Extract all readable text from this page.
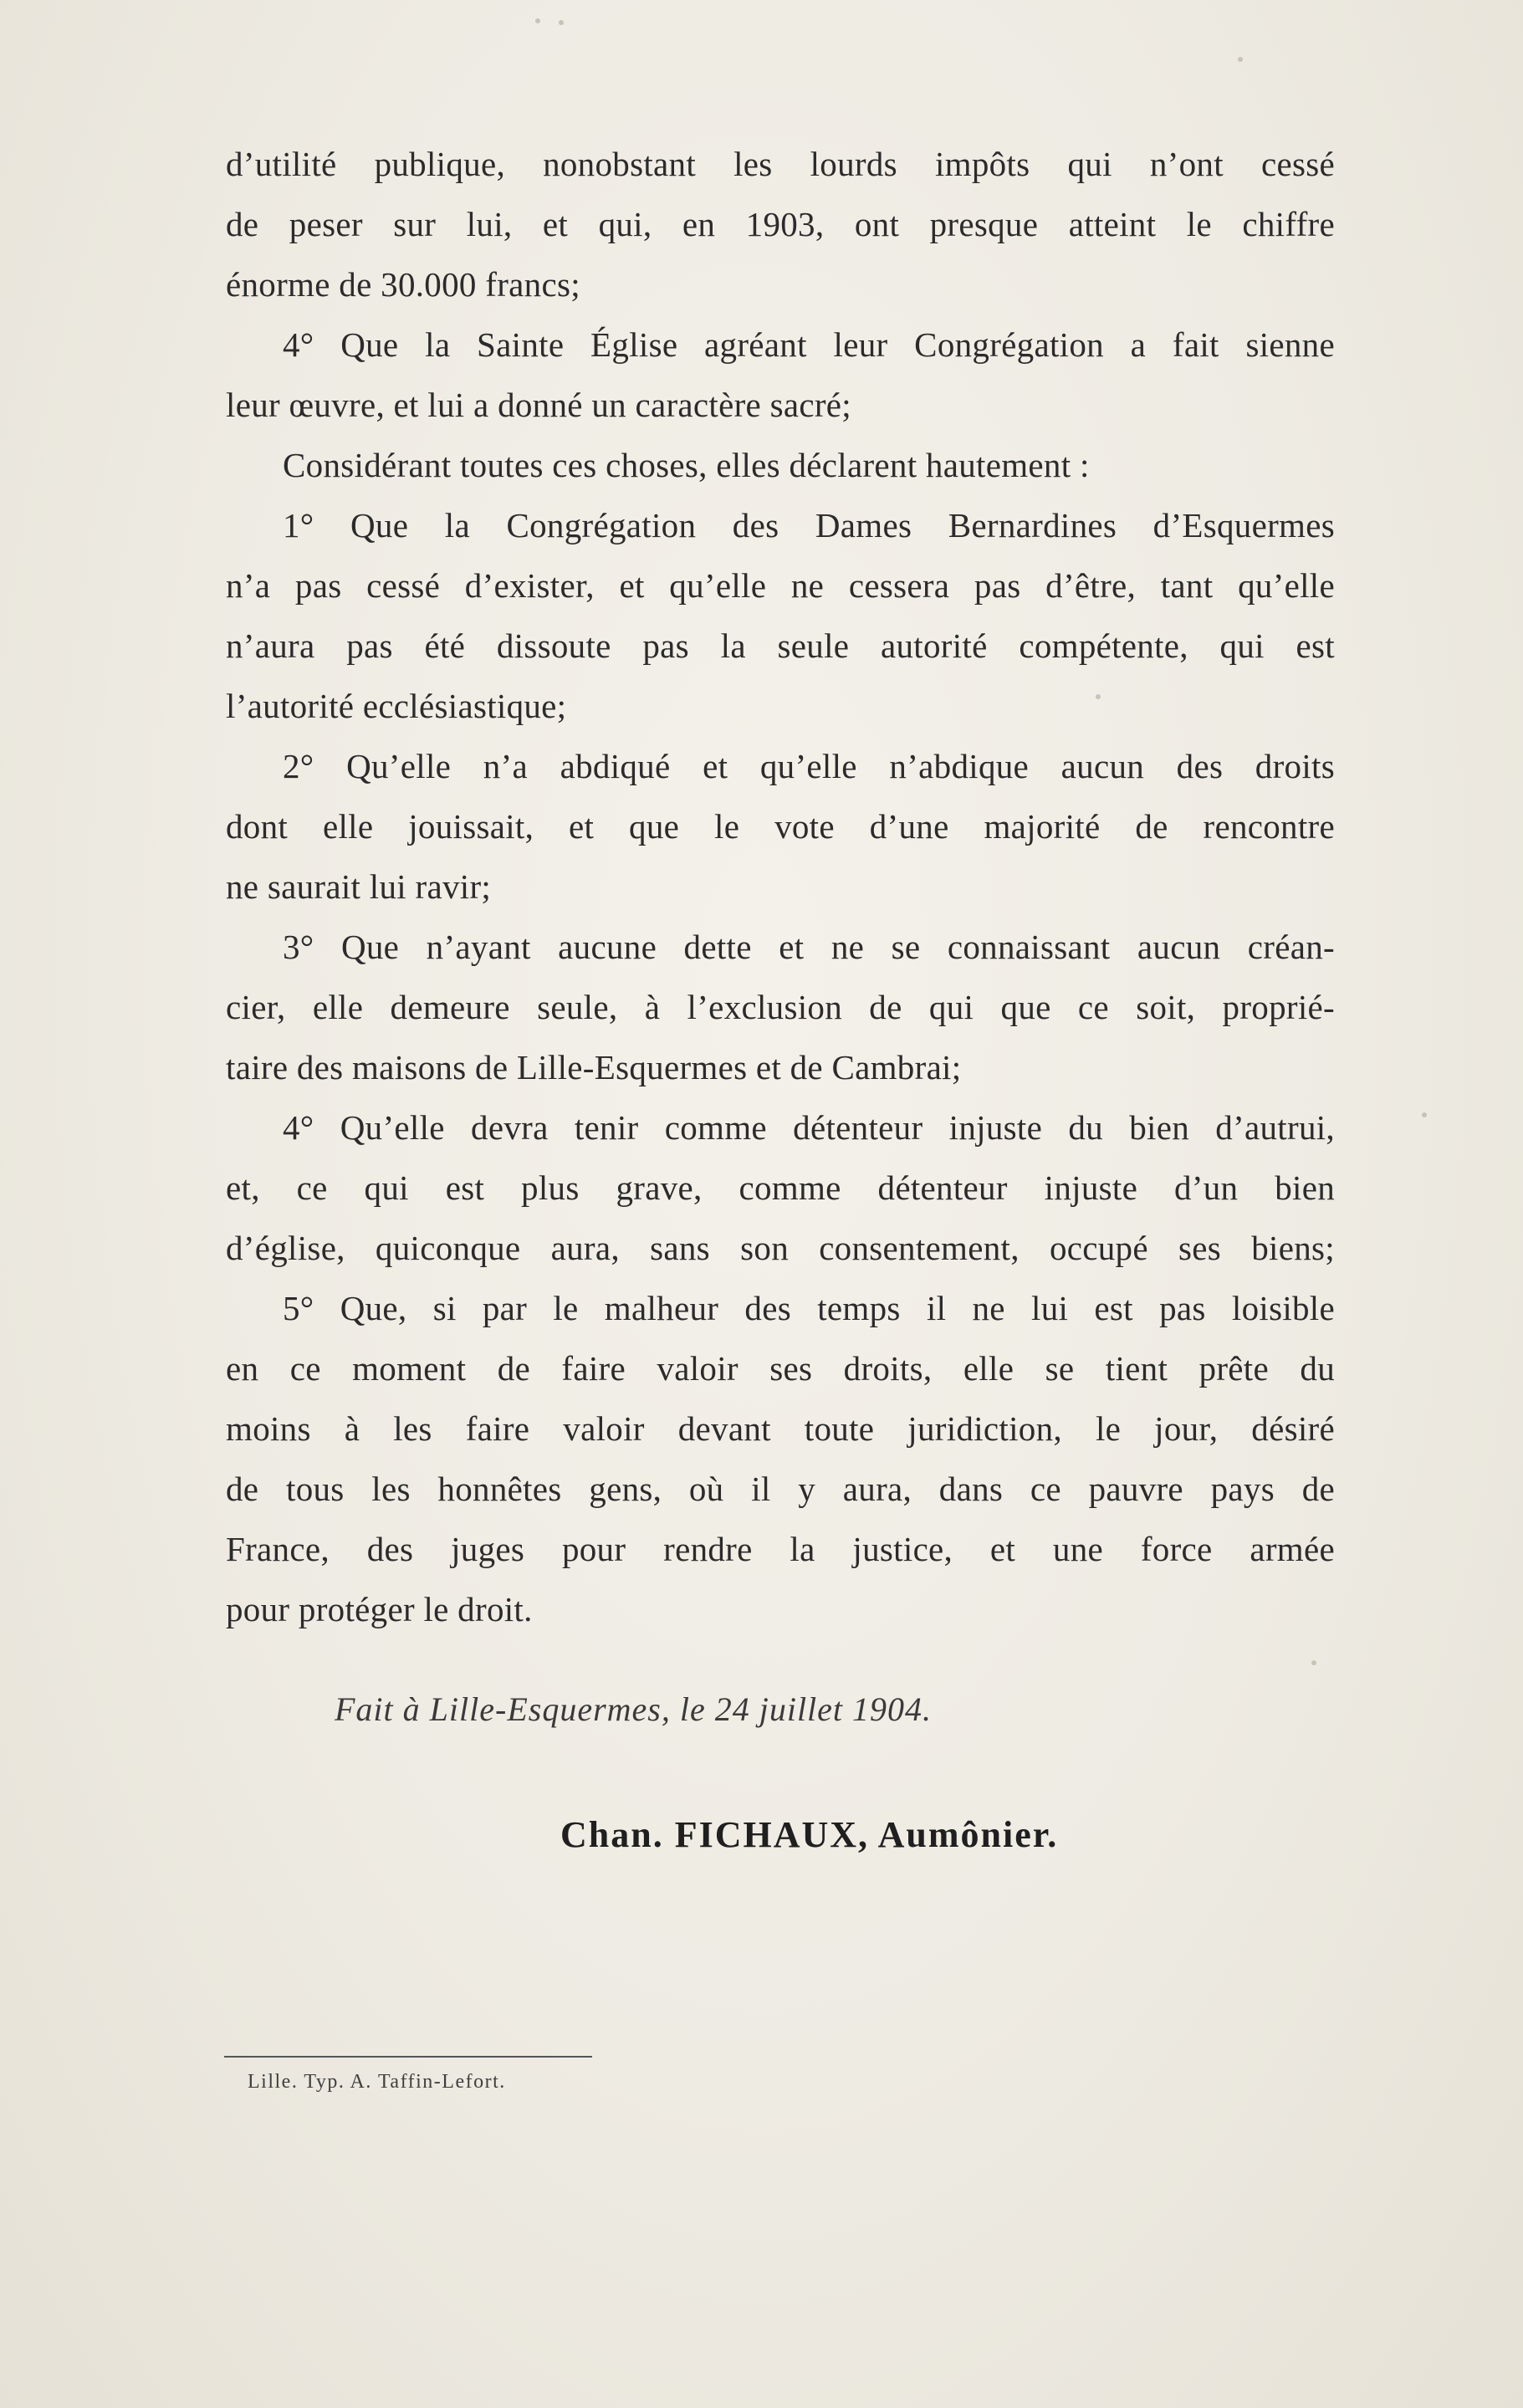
d’utilité publique, nonobstant les lourds impôts qui n’ont cessé
de peser sur lui, et qui, en 1903, ont presque atteint le chiffre
énorme de 30.000 francs;
4° Que la Sainte Église agréant leur Congrégation a fait sienne
leur œuvre, et lui a donné un caractère sacré;
Considérant toutes ces choses, elles déclarent hautement :
1° Que la Congrégation des Dames Bernardines d’Esquermes
n’a pas cessé d’exister, et qu’elle ne cessera pas d’être, tant qu’elle
n’aura pas été dissoute pas la seule autorité compétente, qui est
l’autorité ecclésiastique;
2° Qu’elle n’a abdiqué et qu’elle n’abdique aucun des droits
dont elle jouissait, et que le vote d’une majorité de rencontre
ne saurait lui ravir;
3° Que n’ayant aucune dette et ne se connaissant aucun créan-
cier, elle demeure seule, à l’exclusion de qui que ce soit, proprié-
taire des maisons de Lille-Esquermes et de Cambrai;
4° Qu’elle devra tenir comme détenteur injuste du bien d’autrui,
et, ce qui est plus grave, comme détenteur injuste d’un bien
d’église, quiconque aura, sans son consentement, occupé ses biens;
5° Que, si par le malheur des temps il ne lui est pas loisible
en ce moment de faire valoir ses droits, elle se tient prête du
moins à les faire valoir devant toute juridiction, le jour, désiré
de tous les honnêtes gens, où il y aura, dans ce pauvre pays de
France, des juges pour rendre la justice, et une force armée
pour protéger le droit.
Fait à Lille-Esquermes, le 24 juillet 1904.
Chan. FICHAUX, Aumônier.
Lille. Typ. A. Taffin-Lefort.
